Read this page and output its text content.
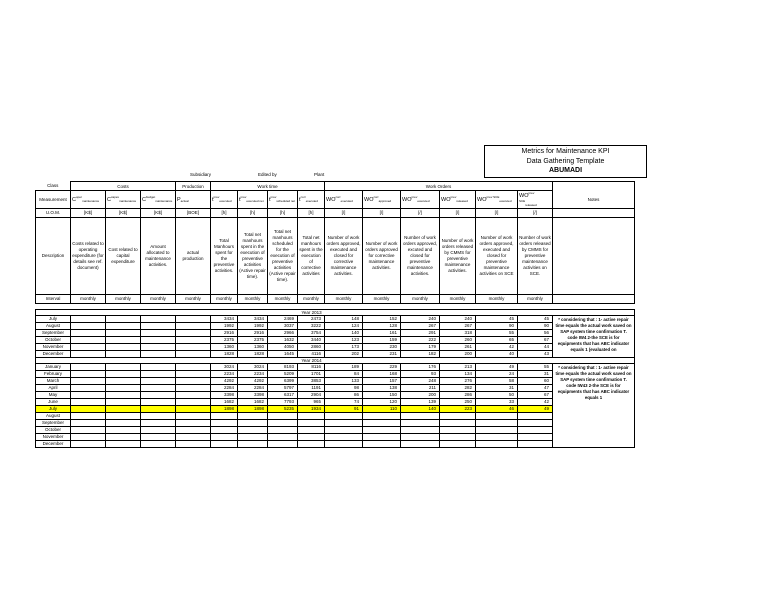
Metrics for Maintenance KPI
Data Gathering Template
ABUMADI
Subsidiary	Edited by	Plant
Class	Costs			Production	Work time				Work Orders						
Measurement	$C^{oper}_{maintenance}$	$C^{capex}_{maintenance}$	$C^{budget}_{maintenance}$	$P_{actual}$	$t^{prev}_{executed}$	$t^{prev}_{executed net}$	$t^{prev}_{scheduled net}$	$t^{corr}_{executed}$	$WO^{corr}_{executed}$	$WO^{corr}_{approved}$	$WO^{prev}_{executed}$	$WO^{prev}_{released}$	$WO^{prev SCE}_{executed}$	$WO^{prev SCE}_{released}$	Notes
U.O.M.	[K$]	[K$]	[K$]	[BOE]	[h]	[h]	[h]	[h]	[/]	[/]	[/]	[/]	[/]	[/]	
Description	Costs related to operating expenditure (for details see ref. document)	Cost related to capital expenditure	Amount allocated to maintenance activities.	actual production	Total Manhours spent for the preventive activities.	Total net manhours spent in the execution of preventive activities (Active repair time).	Total net manhours scheduled for the execution of preventive activities (Active repair time).	Total net manhours spent in the execution of corrective activities	Number of work orders approved, executed and closed for corrective maintenance activities.	Number of work orders approved for corrective maintenance activities.	Number of work orders approved, excuted and closed for preventive maintenance activities.	Number of work orders released by CMMS for preventive maintenance activities.	Number of work orders approved, executed and closed for preventive maintenance activities on SCE	Number of work orders released by CMMS for preventive maintenance activities on SCE.	
Interval	monthly	monthly	monthly	monthly	monthly	monthly	monthly	monthly	monthly	monthly	monthly	monthly	monthly	monthly	

	Year 2013														
July					3434	3434	2469	2473	148	152	240	240	45	45	* considering that : 1- active repair time equals the actual work saved on SAP system time confirmation T. code IW4 2-the SCE is for equipments that has ABC indicator equals 1 (evaluated on
August					1992	1992	3037	3222	124	128	267	267	90	90	
September					2916	2916	2966	3754	140	161	291	318	55	56	
October					2375	2375	1632	3440	123	159	222	260	65	67	
November					1360	1360	4050	2860	173	230	179	261	42	44	
December					1828	1828	1645	4116	202	231	182	200	40	43	
	Year 2014														
January					3024	3024	8193	8116	189	229	176	213	49	55	* considering that : 1- active repair time equals the actual work saved on SAP system time confirmation T. code IW43 2-the SCE is for equipments that has ABC indicator equals 1
February					2234	2234	5209	1701	84	168	93	134	24	31	
March					4292	4292	6399	3853	133	157	248	276	58	60	
April					2284	2284	5797	1191	98	138	211	282	31	47	
May					3398	3398	6317	2904	86	150	200	286	50	67	
June					1682	1682	7793	965	74	120	139	250	33	42	
July					1898	1898	5235	1934	91	110	140	223	46	49	
August															
September															
October															
November															
December															
